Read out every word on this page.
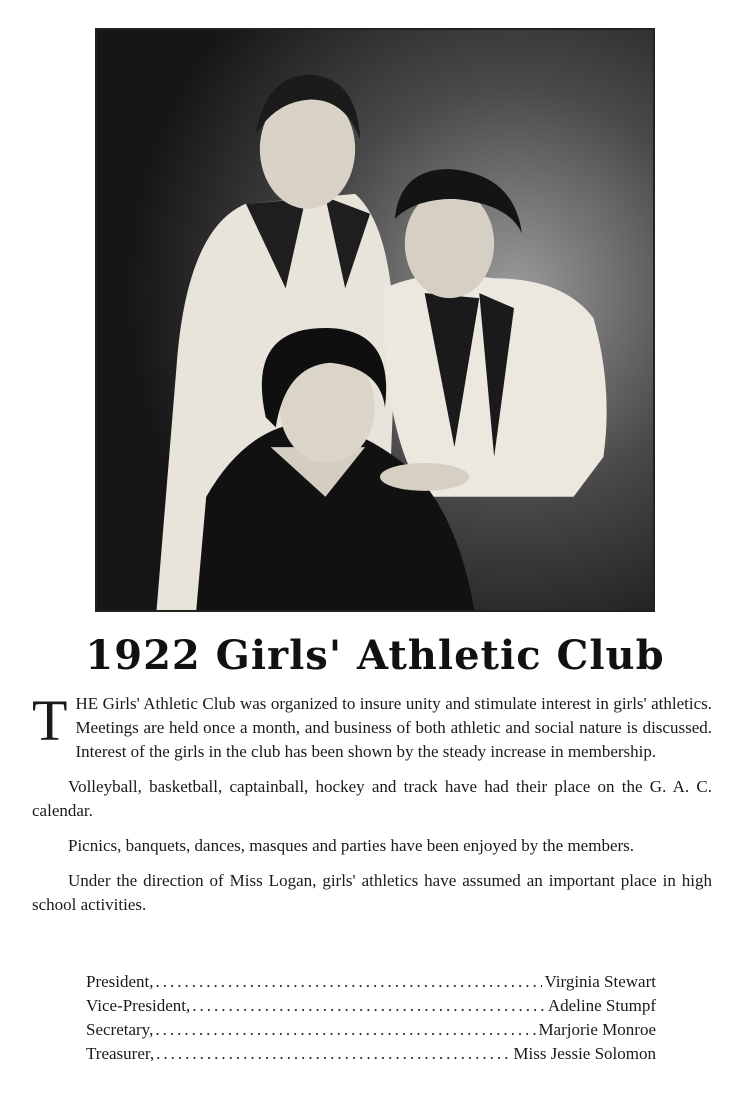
1922 Girls' Athletic Club

THE Girls' Athletic Club was organized to insure unity and stimulate interest in girls' athletics. Meetings are held once a month, and business of both athletic and social nature is discussed. Interest of the girls in the club has been shown by the steady increase in membership.

Volleyball, basketball, captainball, hockey and track have had their place on the G. A. C. calendar.

Picnics, banquets, dances, masques and parties have been enjoyed by the members.

Under the direction of Miss Logan, girls' athletics have assumed an important place in high school activities.

President, .....	Virginia Stewart
Vice-President, .....	Adeline Stumpf
Secretary, .....	Marjorie Monroe
Treasurer, .....	Miss Jessie Solomon
